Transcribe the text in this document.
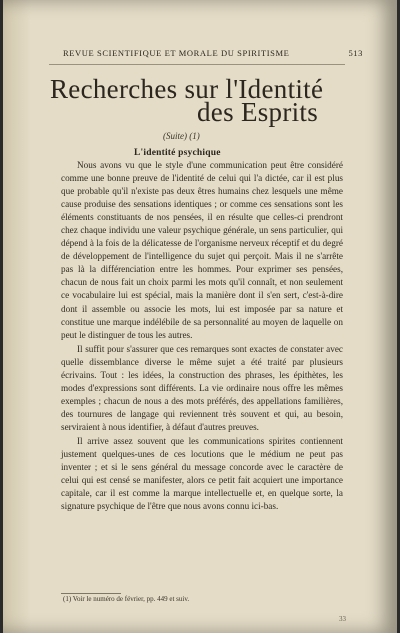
REVUE SCIENTIFIQUE ET MORALE DU SPIRITISME	513
Recherches sur l'Identité
des Esprits
(Suite) (1)
L'identité psychique

Nous avons vu que le style d'une communication peut être considéré comme une bonne preuve de l'identité de celui qui l'a dictée, car il est plus que probable qu'il n'existe pas deux êtres humains chez lesquels une même cause produise des sensations identiques ; or comme ces sensations sont les éléments constituants de nos pensées, il en résulte que celles-ci prendront chez chaque individu une valeur psychique générale, un sens particulier, qui dépend à la fois de la délicatesse de l'organisme nerveux réceptif et du degré de développement de l'intelligence du sujet qui perçoit. Mais il ne s'arrête pas là la différenciation entre les hommes. Pour exprimer ses pensées, chacun de nous fait un choix parmi les mots qu'il connaît, et non seulement ce vocabulaire lui est spécial, mais la manière dont il s'en sert, c'est-à-dire dont il assemble ou associe les mots, lui est imposée par sa nature et constitue une marque indélébile de sa personnalité au moyen de laquelle on peut le distinguer de tous les autres.

Il suffit pour s'assurer que ces remarques sont exactes de constater avec quelle dissemblance diverse le même sujet a été traité par plusieurs écrivains. Tout : les idées, la construction des phrases, les épithètes, les modes d'expressions sont différents. La vie ordinaire nous offre les mêmes exemples ; chacun de nous a des mots préférés, des appellations familières, des tournures de langage qui reviennent très souvent et qui, au besoin, serviraient à nous identifier, à défaut d'autres preuves.

Il arrive assez souvent que les communications spirites contiennent justement quelques-unes de ces locutions que le médium ne peut pas inventer ; et si le sens général du message concorde avec le caractère de celui qui est censé se manifester, alors ce petit fait acquiert une importance capitale, car il est comme la marque intellectuelle et, en quelque sorte, la signature psychique de l'être que nous avons connu ici-bas.

(1) Voir le numéro de février, pp. 449 et suiv.
33
